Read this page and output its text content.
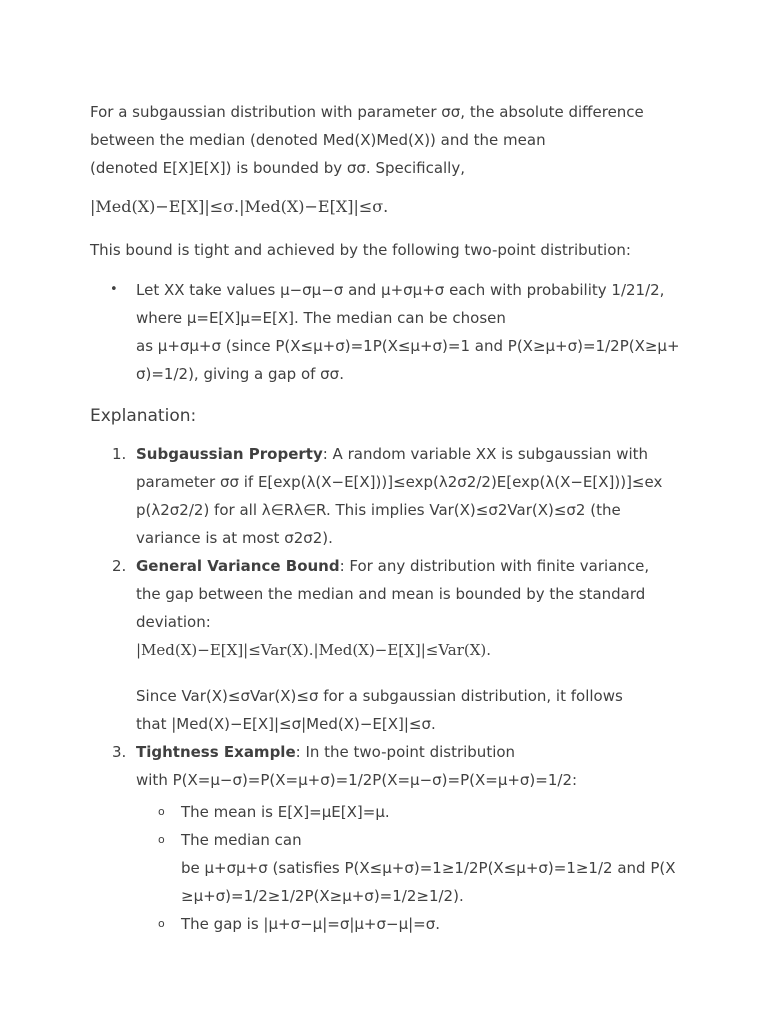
For a subgaussian distribution with parameter σσ, the absolute difference
between the median (denoted Med(X)Med(X)) and the mean
(denoted E[X]E[X]) is bounded by σσ. Specifically,

|Med(X)−E[X]|≤σ.|Med(X)−E[X]|≤σ.

This bound is tight and achieved by the following two-point distribution:

• Let XX take values μ−σμ−σ and μ+σμ+σ each with probability 1/21/2,
where μ=E[X]μ=E[X]. The median can be chosen
as μ+σμ+σ (since P(X≤μ+σ)=1P(X≤μ+σ)=1 and P(X≥μ+σ)=1/2P(X≥μ+
σ)=1/2), giving a gap of σσ.
Explanation:
1. Subgaussian Property: A random variable XX is subgaussian with
parameter σσ if E[exp(λ(X−E[X]))]≤exp(λ2σ2/2)E[exp(λ(X−E[X]))]≤ex
p(λ2σ2/2) for all λ∈Rλ∈R. This implies Var(X)≤σ2Var(X)≤σ2 (the
variance is at most σ2σ2).
2. General Variance Bound: For any distribution with finite variance,
the gap between the median and mean is bounded by the standard
deviation:
|Med(X)−E[X]|≤Var(X).|Med(X)−E[X]|≤Var(X).
Since Var(X)≤σVar(X)≤σ for a subgaussian distribution, it follows
that |Med(X)−E[X]|≤σ|Med(X)−E[X]|≤σ.
3. Tightness Example: In the two-point distribution
with P(X=μ−σ)=P(X=μ+σ)=1/2P(X=μ−σ)=P(X=μ+σ)=1/2:
o The mean is E[X]=μE[X]=μ.
o The median can
be μ+σμ+σ (satisfies P(X≤μ+σ)=1≥1/2P(X≤μ+σ)=1≥1/2 and P(X
≥μ+σ)=1/2≥1/2P(X≥μ+σ)=1/2≥1/2).
o The gap is |μ+σ−μ|=σ|μ+σ−μ|=σ.
